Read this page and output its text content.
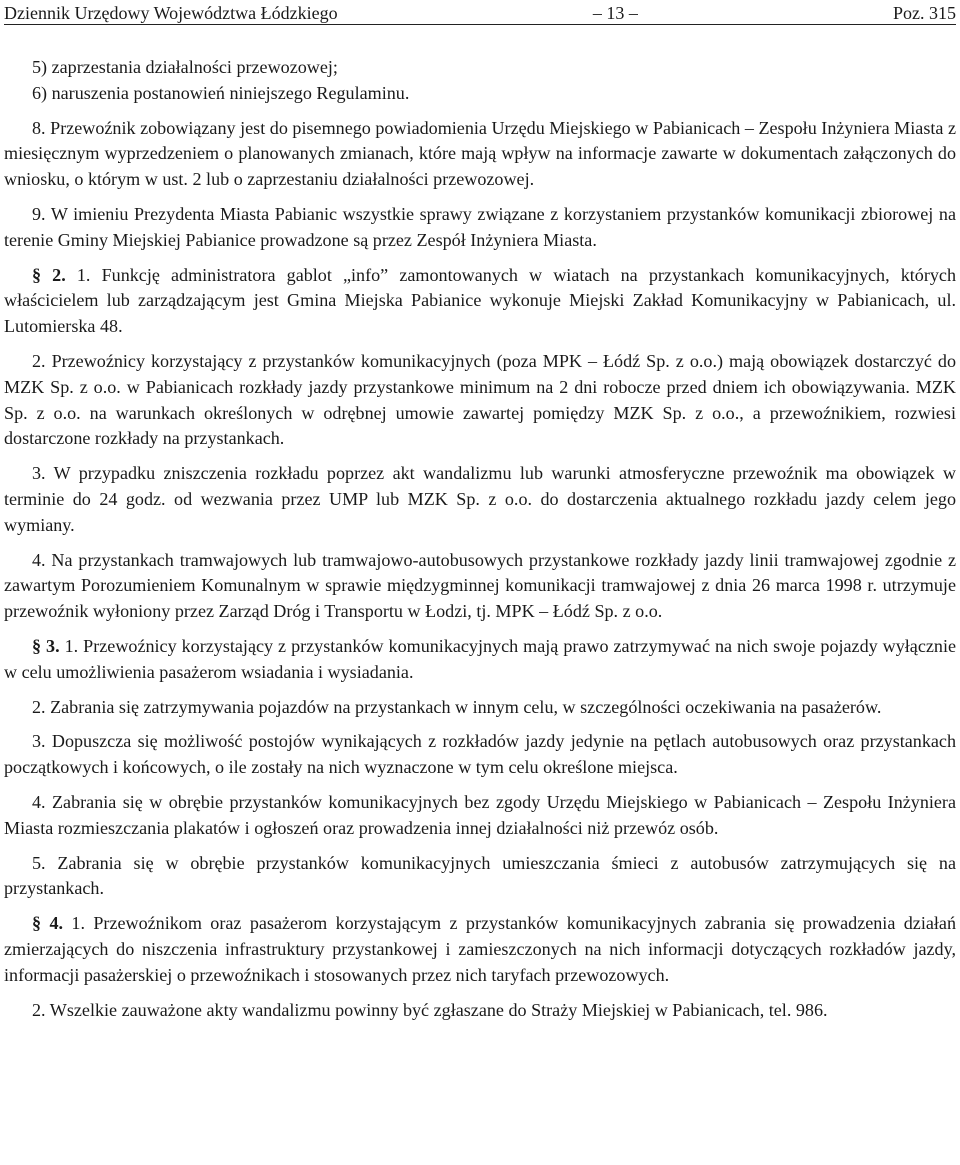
Dziennik Urzędowy Województwa Łódzkiego	– 13 –	Poz. 315

5) zaprzestania działalności przewozowej;

6) naruszenia postanowień niniejszego Regulaminu.

8. Przewoźnik zobowiązany jest do pisemnego powiadomienia Urzędu Miejskiego w Pabianicach – Zespołu Inżyniera Miasta z miesięcznym wyprzedzeniem o planowanych zmianach, które mają wpływ na informacje zawarte w dokumentach załączonych do wniosku, o którym w ust. 2 lub o zaprzestaniu działalności przewozowej.

9. W imieniu Prezydenta Miasta Pabianic wszystkie sprawy związane z korzystaniem przystanków komunikacji zbiorowej na terenie Gminy Miejskiej Pabianice prowadzone są przez Zespół Inżyniera Miasta.

§ 2. 1. Funkcję administratora gablot „info” zamontowanych w wiatach na przystankach komunikacyjnych, których właścicielem lub zarządzającym jest Gmina Miejska Pabianice wykonuje Miejski Zakład Komunikacyjny w Pabianicach, ul. Lutomierska 48.

2. Przewoźnicy korzystający z przystanków komunikacyjnych (poza MPK – Łódź Sp. z o.o.) mają obowiązek dostarczyć do MZK Sp. z o.o. w Pabianicach rozkłady jazdy przystankowe minimum na 2 dni robocze przed dniem ich obowiązywania. MZK Sp. z o.o. na warunkach określonych w odrębnej umowie zawartej pomiędzy MZK Sp. z o.o., a przewoźnikiem, rozwiesi dostarczone rozkłady na przystankach.

3. W przypadku zniszczenia rozkładu poprzez akt wandalizmu lub warunki atmosferyczne przewoźnik ma obowiązek w terminie do 24 godz. od wezwania przez UMP lub MZK Sp. z o.o. do dostarczenia aktualnego rozkładu jazdy celem jego wymiany.

4. Na przystankach tramwajowych lub tramwajowo-autobusowych przystankowe rozkłady jazdy linii tramwajowej zgodnie z zawartym Porozumieniem Komunalnym w sprawie międzygminnej komunikacji tramwajowej z dnia 26 marca 1998 r. utrzymuje przewoźnik wyłoniony przez Zarząd Dróg i Transportu w Łodzi, tj. MPK – Łódź Sp. z o.o.

§ 3. 1. Przewoźnicy korzystający z przystanków komunikacyjnych mają prawo zatrzymywać na nich swoje pojazdy wyłącznie w celu umożliwienia pasażerom wsiadania i wysiadania.

2. Zabrania się zatrzymywania pojazdów na przystankach w innym celu, w szczególności oczekiwania na pasażerów.

3. Dopuszcza się możliwość postojów wynikających z rozkładów jazdy jedynie na pętlach autobusowych oraz przystankach początkowych i końcowych, o ile zostały na nich wyznaczone w tym celu określone miejsca.

4. Zabrania się w obrębie przystanków komunikacyjnych bez zgody Urzędu Miejskiego w Pabianicach – Zespołu Inżyniera Miasta rozmieszczania plakatów i ogłoszeń oraz prowadzenia innej działalności niż przewóz osób.

5. Zabrania się w obrębie przystanków komunikacyjnych umieszczania śmieci z autobusów zatrzymujących się na przystankach.

§ 4. 1. Przewoźnikom oraz pasażerom korzystającym z przystanków komunikacyjnych zabrania się prowadzenia działań zmierzających do niszczenia infrastruktury przystankowej i zamieszczonych na nich informacji dotyczących rozkładów jazdy, informacji pasażerskiej o przewoźnikach i stosowanych przez nich taryfach przewozowych.

2. Wszelkie zauważone akty wandalizmu powinny być zgłaszane do Straży Miejskiej w Pabianicach, tel. 986.
